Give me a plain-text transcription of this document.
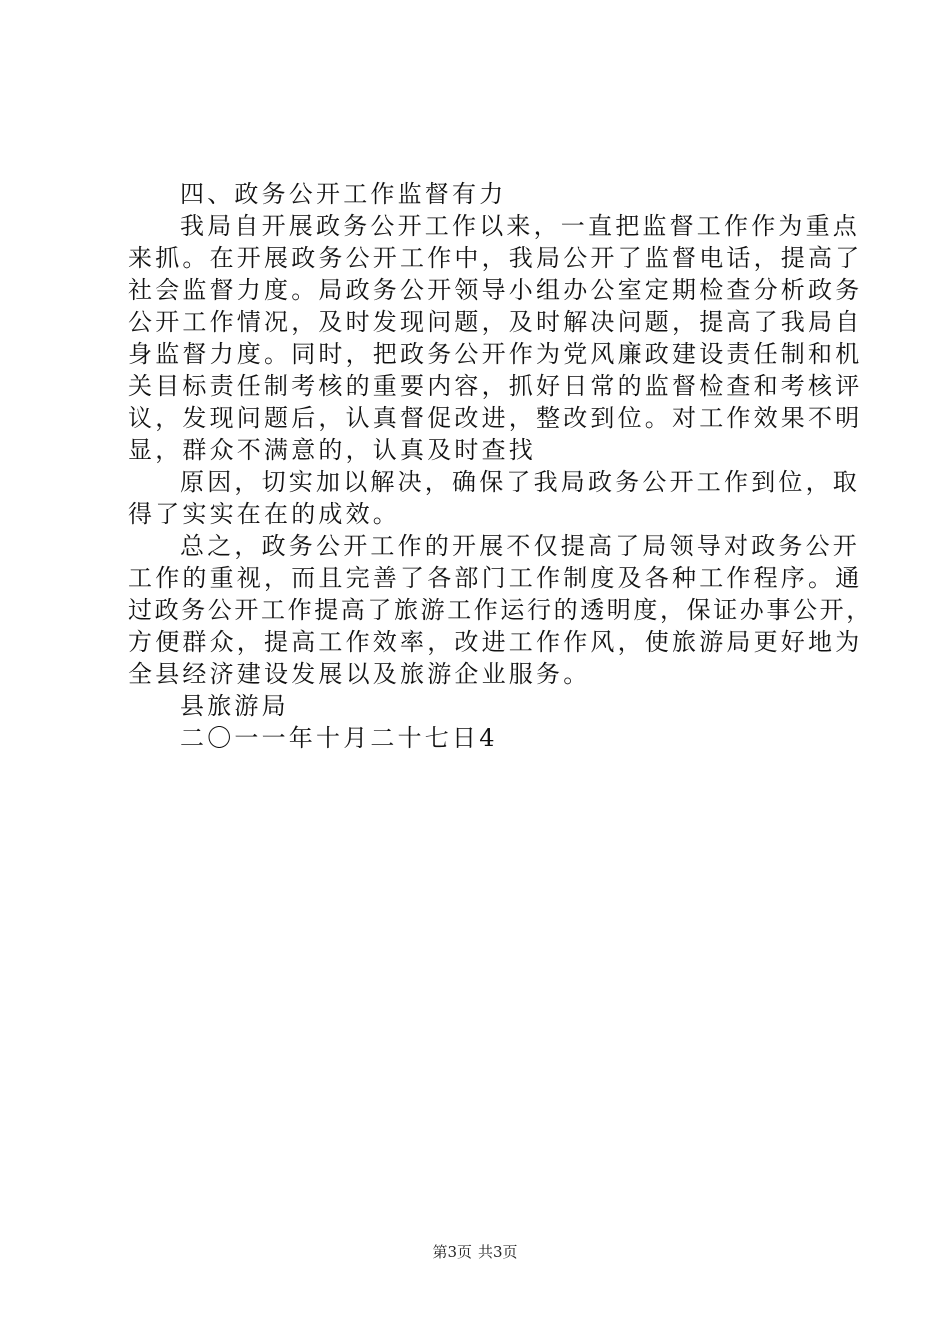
四、政务公开工作监督有力
我局自开展政务公开工作以来，一直把监督工作作为重点
来抓。在开展政务公开工作中，我局公开了监督电话，提高了
社会监督力度。局政务公开领导小组办公室定期检查分析政务
公开工作情况，及时发现问题，及时解决问题，提高了我局自
身监督力度。同时，把政务公开作为党风廉政建设责任制和机
关目标责任制考核的重要内容，抓好日常的监督检查和考核评
议，发现问题后，认真督促改进，整改到位。对工作效果不明
显，群众不满意的，认真及时查找
原因，切实加以解决，确保了我局政务公开工作到位，取
得了实实在在的成效。
总之，政务公开工作的开展不仅提高了局领导对政务公开
工作的重视，而且完善了各部门工作制度及各种工作程序。通
过政务公开工作提高了旅游工作运行的透明度，保证办事公开，
方便群众，提高工作效率，改进工作作风，使旅游局更好地为
全县经济建设发展以及旅游企业服务。
县旅游局
二〇一一年十月二十七日4
第3页 共3页
